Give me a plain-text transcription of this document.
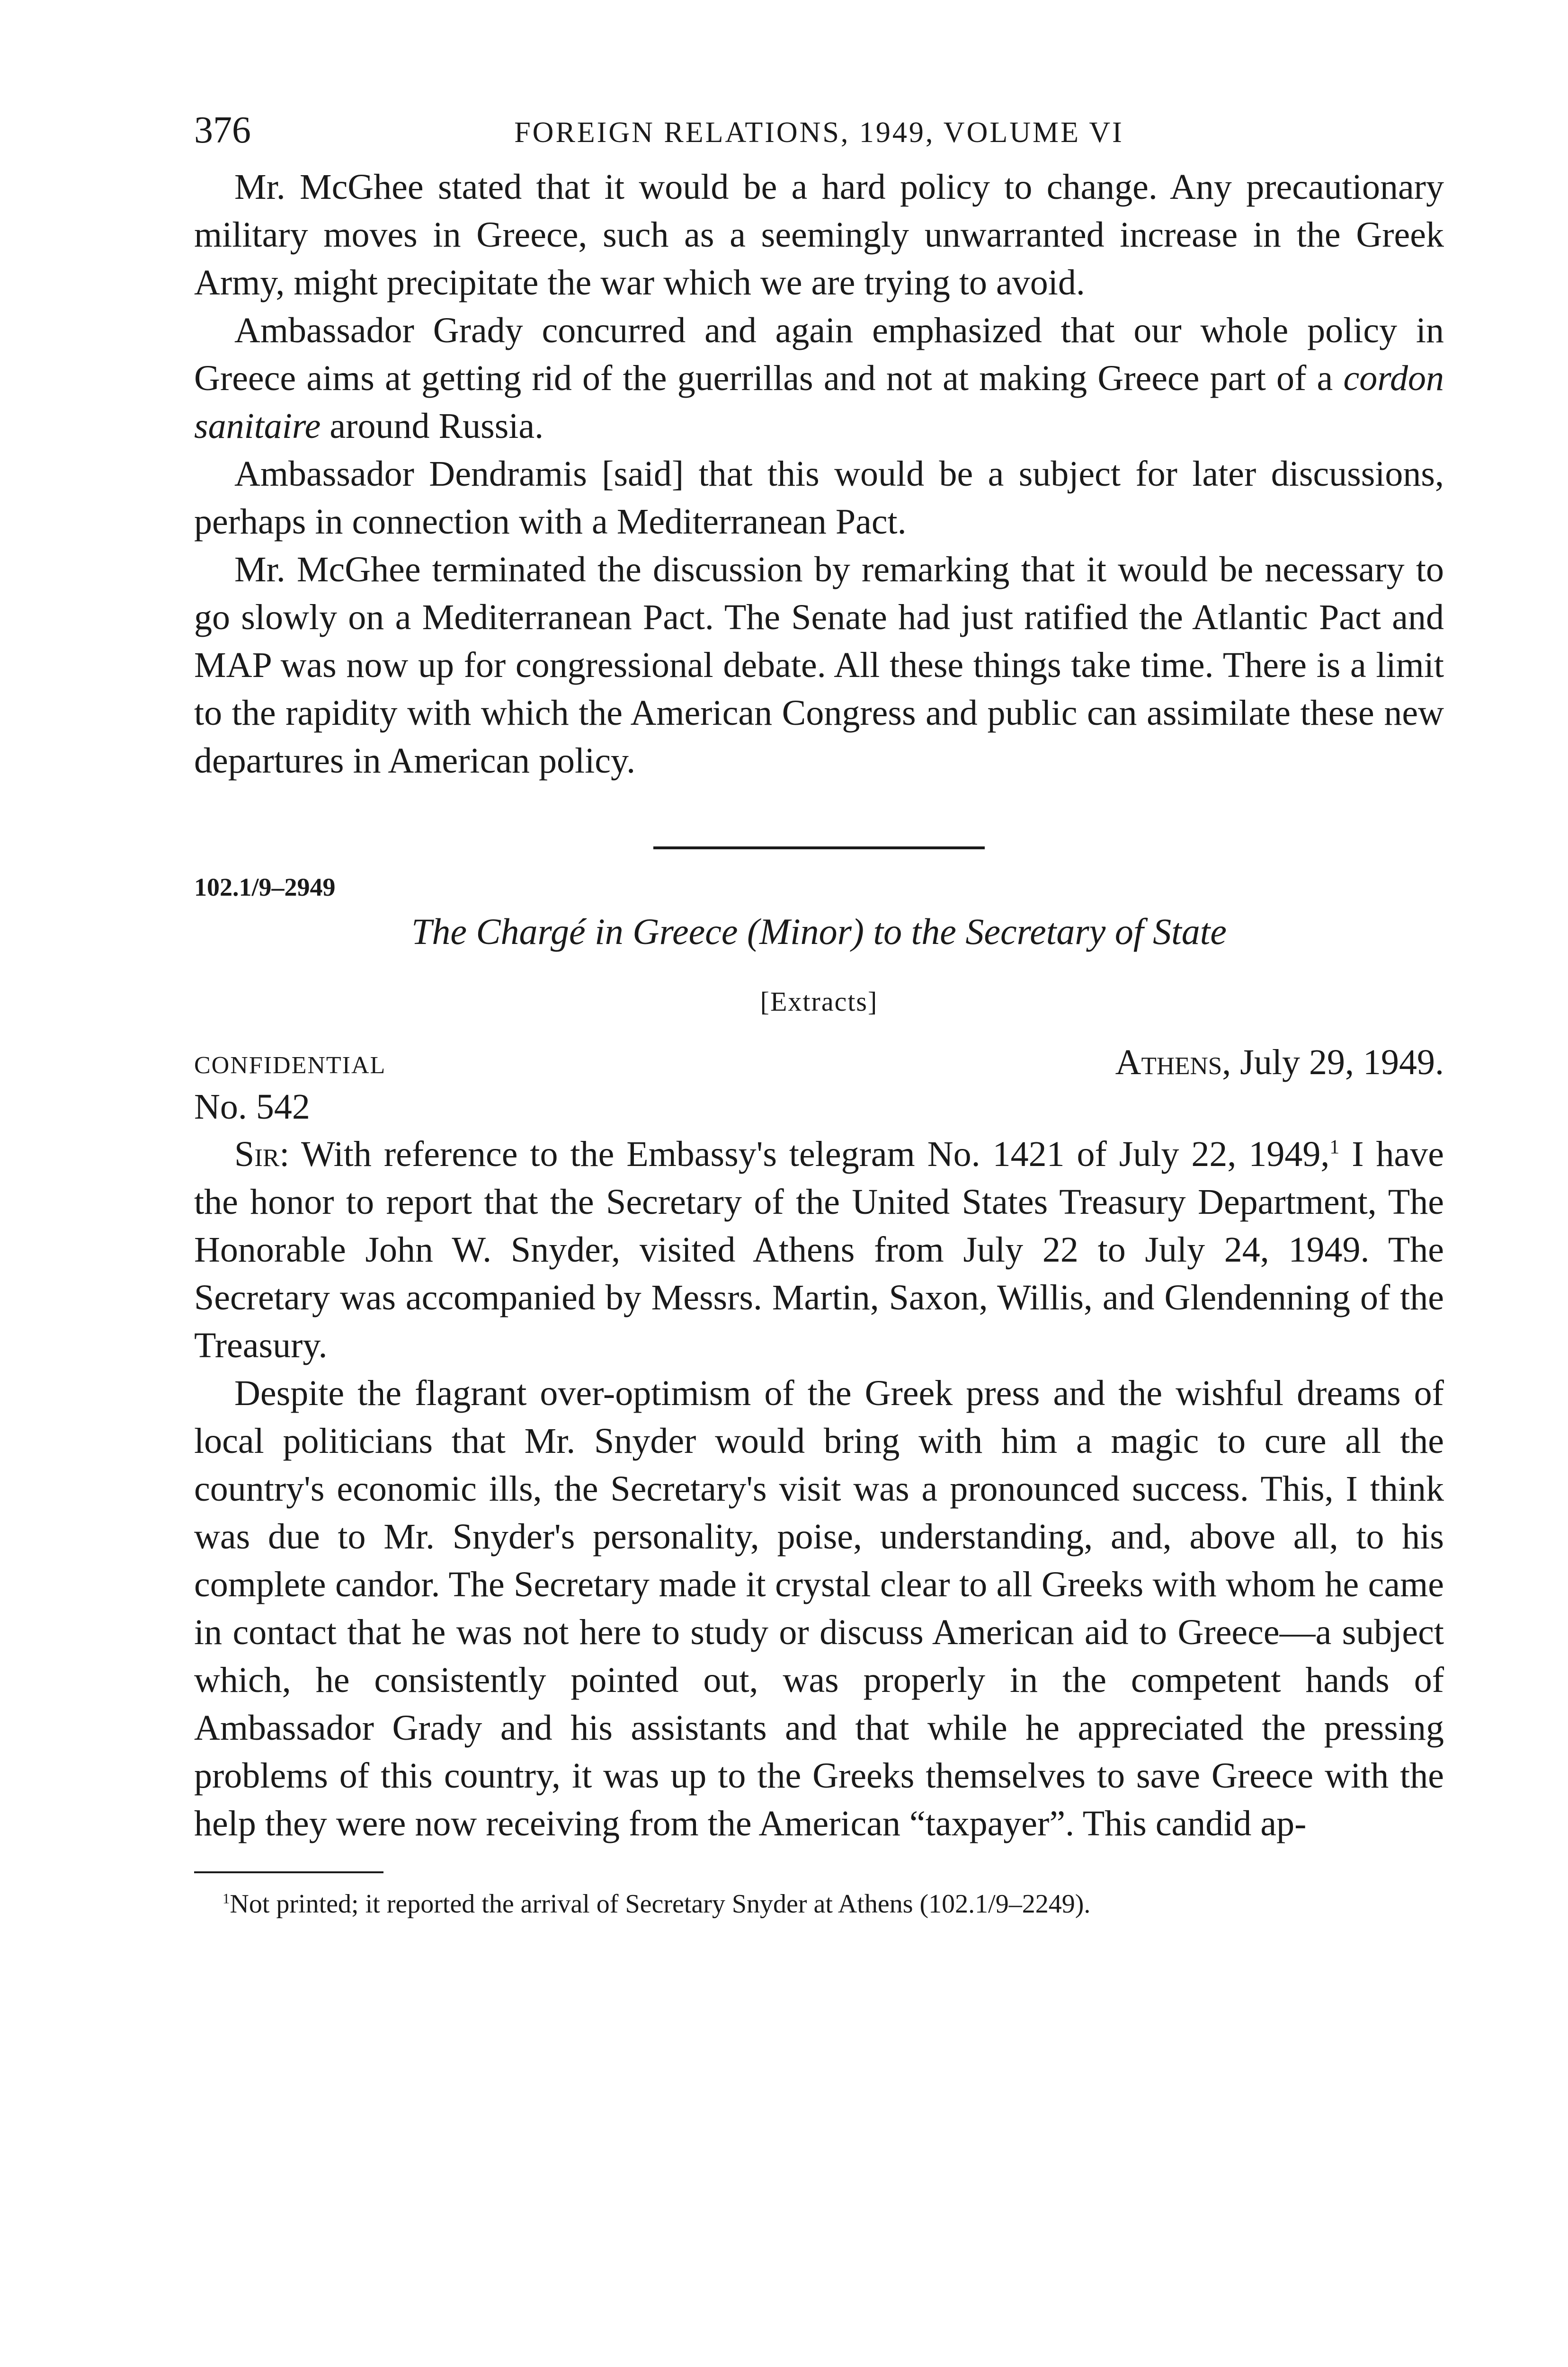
376	FOREIGN RELATIONS, 1949, VOLUME VI

Mr. McGhee stated that it would be a hard policy to change. Any precautionary military moves in Greece, such as a seemingly unwarranted increase in the Greek Army, might precipitate the war which we are trying to avoid.

Ambassador Grady concurred and again emphasized that our whole policy in Greece aims at getting rid of the guerrillas and not at making Greece part of a cordon sanitaire around Russia.

Ambassador Dendramis [said] that this would be a subject for later discussions, perhaps in connection with a Mediterranean Pact.

Mr. McGhee terminated the discussion by remarking that it would be necessary to go slowly on a Mediterranean Pact. The Senate had just ratified the Atlantic Pact and MAP was now up for congressional debate. All these things take time. There is a limit to the rapidity with which the American Congress and public can assimilate these new departures in American policy.

102.1/9–2949
The Chargé in Greece (Minor) to the Secretary of State
[Extracts]
CONFIDENTIAL	Athens, July 29, 1949.
No. 542

Sir: With reference to the Embassy's telegram No. 1421 of July 22, 1949,$^1$ I have the honor to report that the Secretary of the United States Treasury Department, The Honorable John W. Snyder, visited Athens from July 22 to July 24, 1949. The Secretary was accompanied by Messrs. Martin, Saxon, Willis, and Glendenning of the Treasury.

Despite the flagrant over-optimism of the Greek press and the wishful dreams of local politicians that Mr. Snyder would bring with him a magic to cure all the country's economic ills, the Secretary's visit was a pronounced success. This, I think was due to Mr. Snyder's personality, poise, understanding, and, above all, to his complete candor. The Secretary made it crystal clear to all Greeks with whom he came in contact that he was not here to study or discuss American aid to Greece—a subject which, he consistently pointed out, was properly in the competent hands of Ambassador Grady and his assistants and that while he appreciated the pressing problems of this country, it was up to the Greeks themselves to save Greece with the help they were now receiving from the American “taxpayer”. This candid ap-

$^1$Not printed; it reported the arrival of Secretary Snyder at Athens (102.1/9–2249).
